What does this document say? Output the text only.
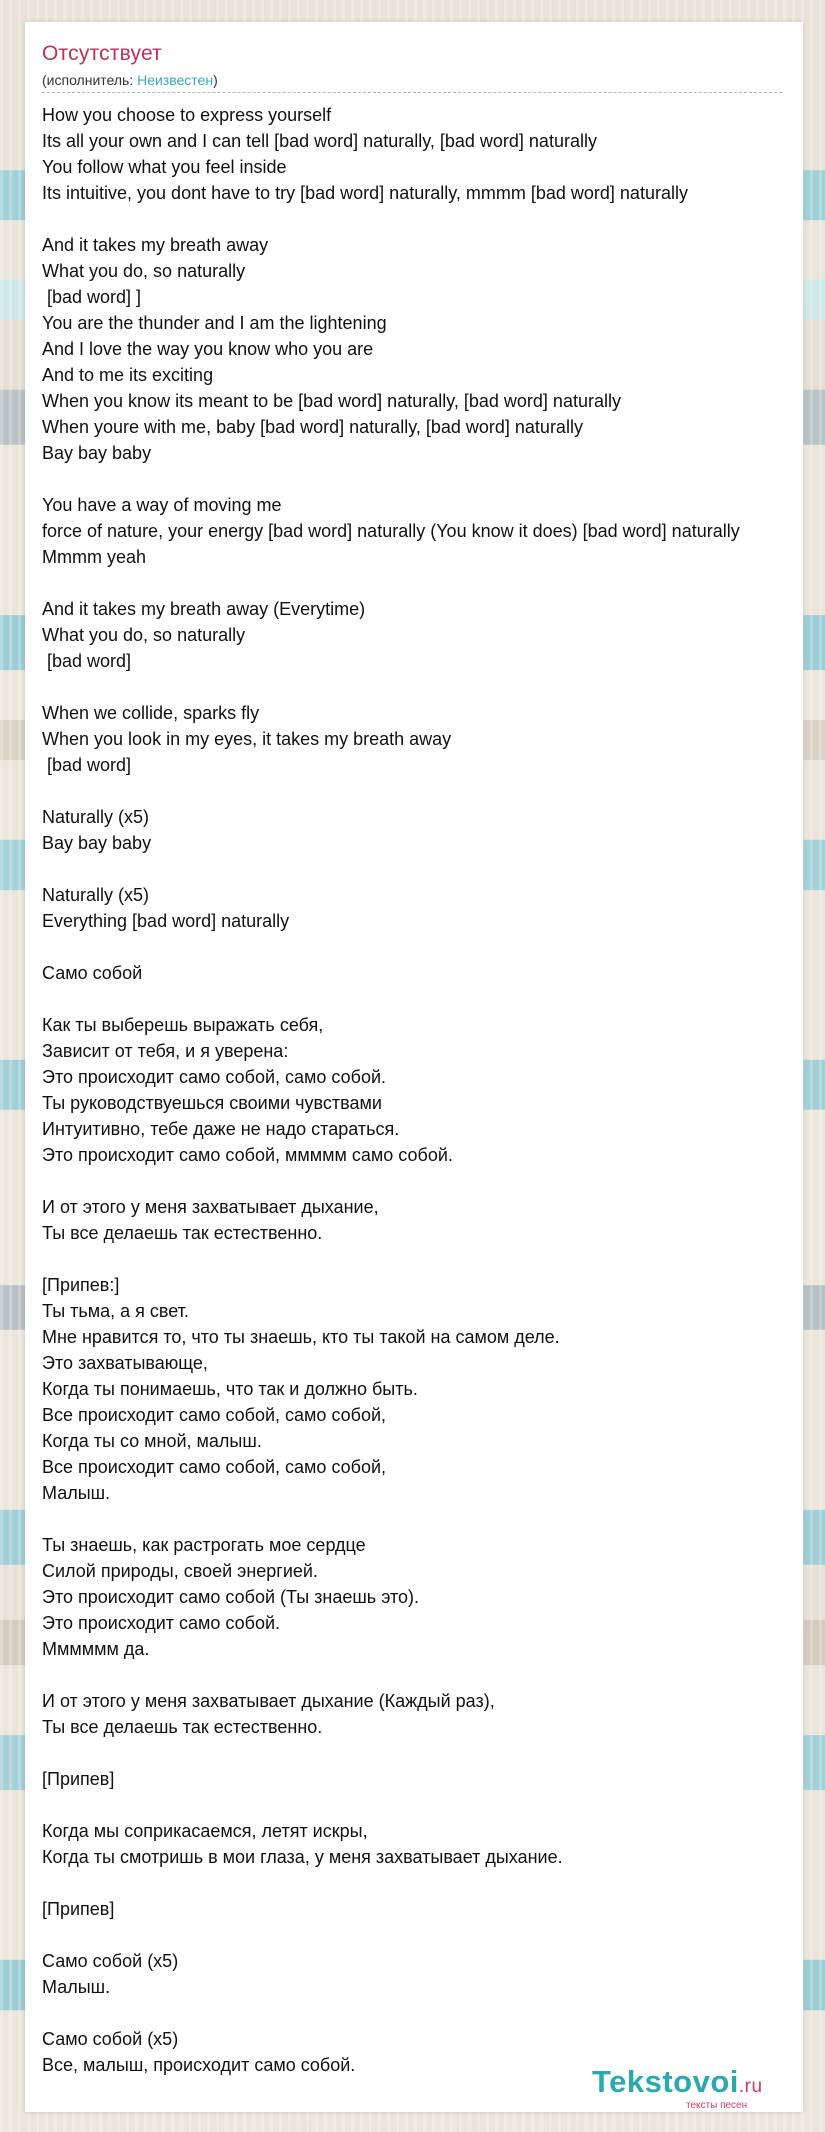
Отсутствует
(исполнитель: Неизвестен)
How you choose to express yourself
Its all your own and I can tell [bad word] naturally, [bad word] naturally
You follow what you feel inside
Its intuitive, you dont have to try [bad word] naturally, mmmm [bad word] naturally

And it takes my breath away
What you do, so naturally
[bad word] ]
You are the thunder and I am the lightening
And I love the way you know who you are
And to me its exciting
When you know its meant to be [bad word] naturally, [bad word] naturally
When youre with me, baby [bad word] naturally, [bad word] naturally
Bay bay baby

You have a way of moving me
force of nature, your energy [bad word] naturally (You know it does) [bad word] naturally
Mmmm yeah

And it takes my breath away (Everytime)
What you do, so naturally
[bad word]

When we collide, sparks fly
When you look in my eyes, it takes my breath away
[bad word]

Naturally (x5)
Bay bay baby

Naturally (x5)
Everything [bad word] naturally

Само собой

Как ты выберешь выражать себя,
Зависит от тебя, и я уверена:
Это происходит само собой, само собой.
Ты руководствуешься своими чувствами
Интуитивно, тебе даже не надо стараться.
Это происходит само собой, ммммм само собой.

И от этого у меня захватывает дыхание,
Ты все делаешь так естественно.

[Припев:]
Ты тьма, а я свет.
Мне нравится то, что ты знаешь, кто ты такой на самом деле.
Это захватывающе,
Когда ты понимаешь, что так и должно быть.
Все происходит само собой, само собой,
Когда ты со мной, малыш.
Все происходит само собой, само собой,
Малыш.

Ты знаешь, как растрогать мое сердце
Силой природы, своей энергией.
Это происходит само собой (Ты знаешь это).
Это происходит само собой.
Мммммм да.

И от этого у меня захватывает дыхание (Каждый раз),
Ты все делаешь так естественно.

[Припев]

Когда мы соприкасаемся, летят искры,
Когда ты смотришь в мои глаза, у меня захватывает дыхание.

[Припев]

Само собой (x5)
Малыш.

Само собой (x5)
Все, малыш, происходит само собой.	Tekstovoi.ru
тексты песен
